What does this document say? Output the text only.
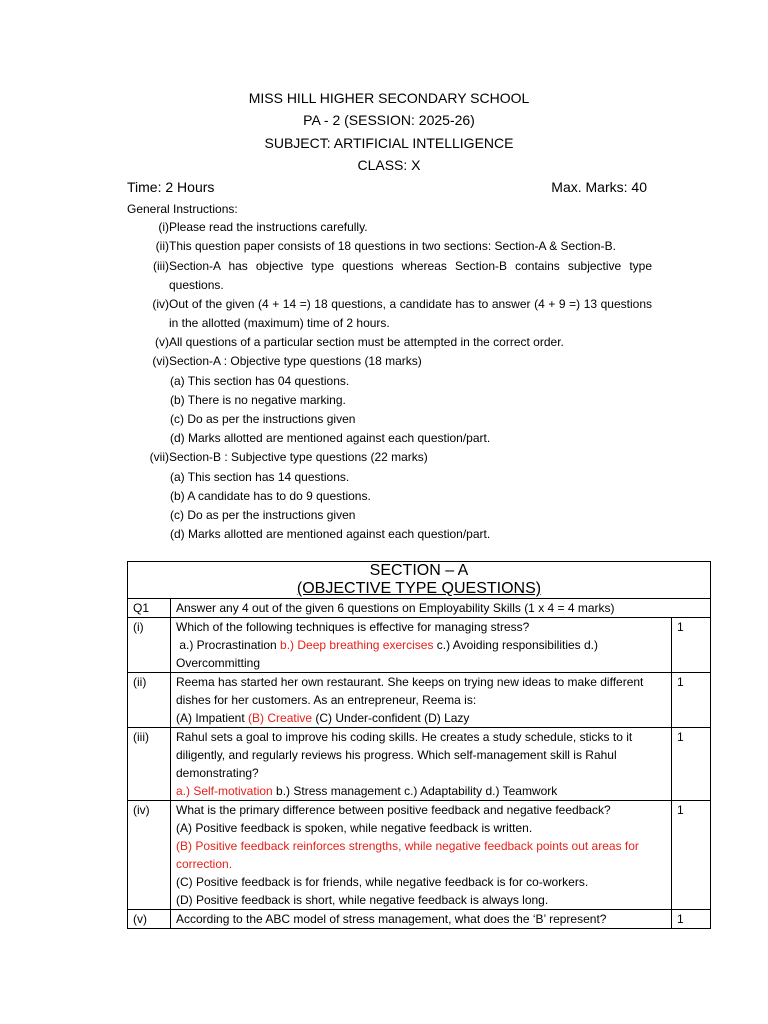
MISS HILL HIGHER SECONDARY SCHOOL
PA - 2 (SESSION: 2025-26)
SUBJECT: ARTIFICIAL INTELLIGENCE
CLASS: X
Time: 2 Hours	Max. Marks: 40
General Instructions:
(i) Please read the instructions carefully.
(ii) This question paper consists of 18 questions in two sections: Section-A & Section-B.
(iii) Section-A has objective type questions whereas Section-B contains subjective type questions.
(iv) Out of the given (4 + 14 =) 18 questions, a candidate has to answer (4 + 9 =) 13 questions in the allotted (maximum) time of 2 hours.
(v) All questions of a particular section must be attempted in the correct order.
(vi) Section-A : Objective type questions (18 marks)
(a) This section has 04 questions.
(b) There is no negative marking.
(c) Do as per the instructions given
(d) Marks allotted are mentioned against each question/part.
(vii) Section-B : Subjective type questions (22 marks)
(a) This section has 14 questions.
(b) A candidate has to do 9 questions.
(c) Do as per the instructions given
(d) Marks allotted are mentioned against each question/part.
SECTION – A
(OBJECTIVE TYPE QUESTIONS)		

Q1	Answer any 4 out of the given 6 questions on Employability Skills (1 x 4 = 4 marks)	
(i)	Which of the following techniques is effective for managing stress?
a.) Procrastination b.) Deep breathing exercises c.) Avoiding responsibilities d.) Overcommitting	1
(ii)	Reema has started her own restaurant. She keeps on trying new ideas to make different dishes for her customers. As an entrepreneur, Reema is:
(A) Impatient (B) Creative (C) Under-confident (D) Lazy	1
(iii)	Rahul sets a goal to improve his coding skills. He creates a study schedule, sticks to it diligently, and regularly reviews his progress. Which self-management skill is Rahul demonstrating?
a.) Self-motivation b.) Stress management c.) Adaptability d.) Teamwork	1
(iv)	What is the primary difference between positive feedback and negative feedback?
(A) Positive feedback is spoken, while negative feedback is written.
(B) Positive feedback reinforces strengths, while negative feedback points out areas for correction.
(C) Positive feedback is for friends, while negative feedback is for co-workers.
(D) Positive feedback is short, while negative feedback is always long.	1
(v)	According to the ABC model of stress management, what does the ‘B’ represent?	1
